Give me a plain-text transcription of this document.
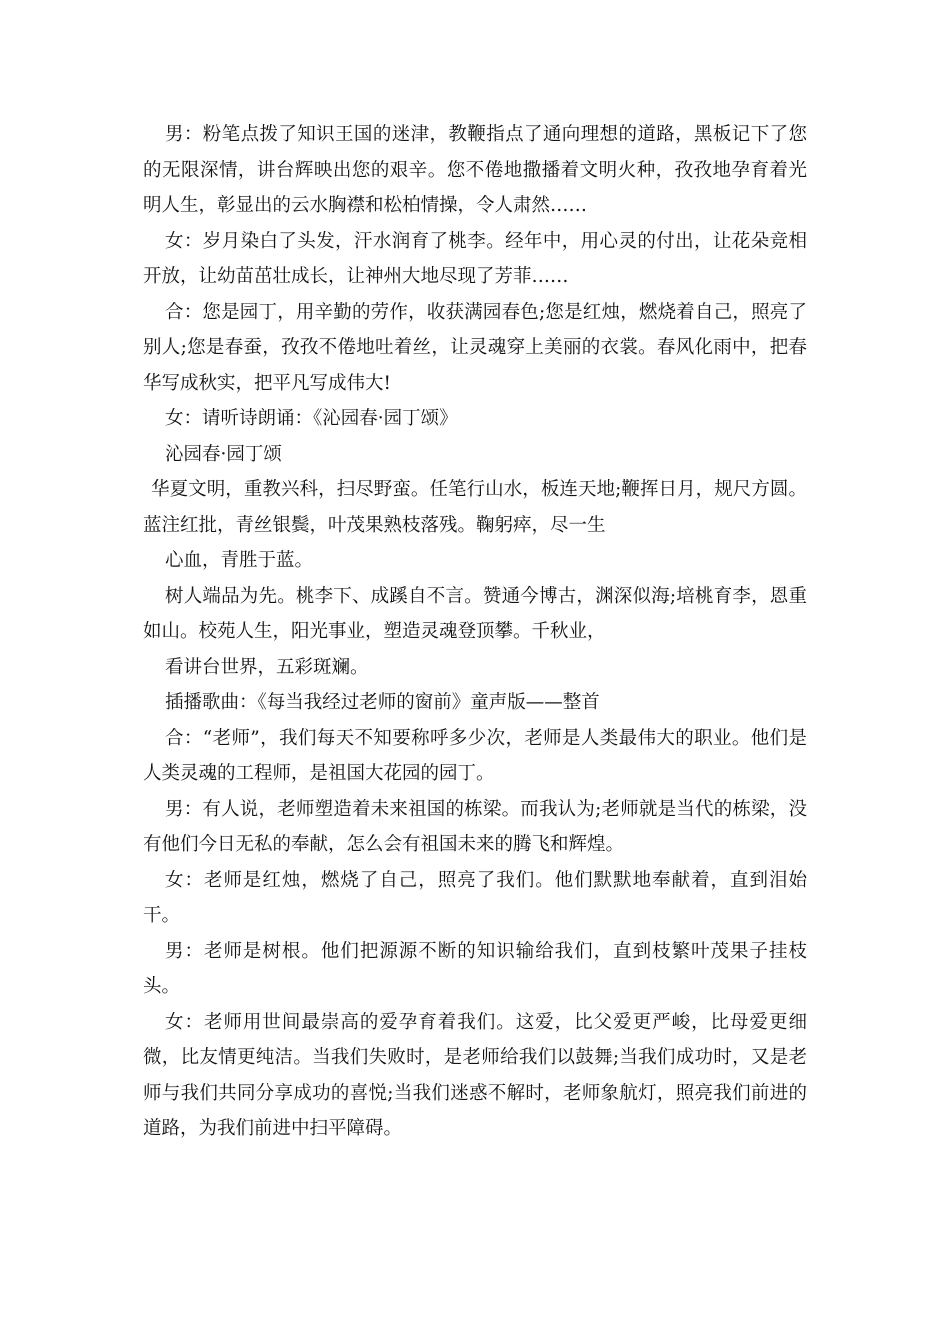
男：粉笔点拨了知识王国的迷津，教鞭指点了通向理想的道路，黑板记下了您的无限深情，讲台辉映出您的艰辛。您不倦地撒播着文明火种，孜孜地孕育着光明人生，彰显出的云水胸襟和松柏情操，令人肃然……

女：岁月染白了头发，汗水润育了桃李。经年中，用心灵的付出，让花朵竞相开放，让幼苗茁壮成长，让神州大地尽现了芳菲……

合：您是园丁，用辛勤的劳作，收获满园春色;您是红烛，燃烧着自己，照亮了别人;您是春蚕，孜孜不倦地吐着丝，让灵魂穿上美丽的衣裳。春风化雨中，把春华写成秋实，把平凡写成伟大!

女：请听诗朗诵：《沁园春·园丁颂》

沁园春·园丁颂

华夏文明，重教兴科，扫尽野蛮。任笔行山水，板连天地;鞭挥日月，规尺方圆。蓝注红批，青丝银鬓，叶茂果熟枝落残。鞠躬瘁，尽一生

心血，青胜于蓝。

树人端品为先。桃李下、成蹊自不言。赞通今博古，渊深似海;培桃育李，恩重如山。校苑人生，阳光事业，塑造灵魂登顶攀。千秋业，

看讲台世界，五彩斑斓。

插播歌曲：《每当我经过老师的窗前》童声版——整首

合：“老师”，我们每天不知要称呼多少次，老师是人类最伟大的职业。他们是人类灵魂的工程师，是祖国大花园的园丁。

男：有人说，老师塑造着未来祖国的栋梁。而我认为;老师就是当代的栋梁，没有他们今日无私的奉献，怎么会有祖国未来的腾飞和辉煌。

女：老师是红烛，燃烧了自己，照亮了我们。他们默默地奉献着，直到泪始干。

男：老师是树根。他们把源源不断的知识输给我们，直到枝繁叶茂果子挂枝头。

女：老师用世间最崇高的爱孕育着我们。这爱，比父爱更严峻，比母爱更细微，比友情更纯洁。当我们失败时，是老师给我们以鼓舞;当我们成功时，又是老师与我们共同分享成功的喜悦;当我们迷惑不解时，老师象航灯，照亮我们前进的道路，为我们前进中扫平障碍。
